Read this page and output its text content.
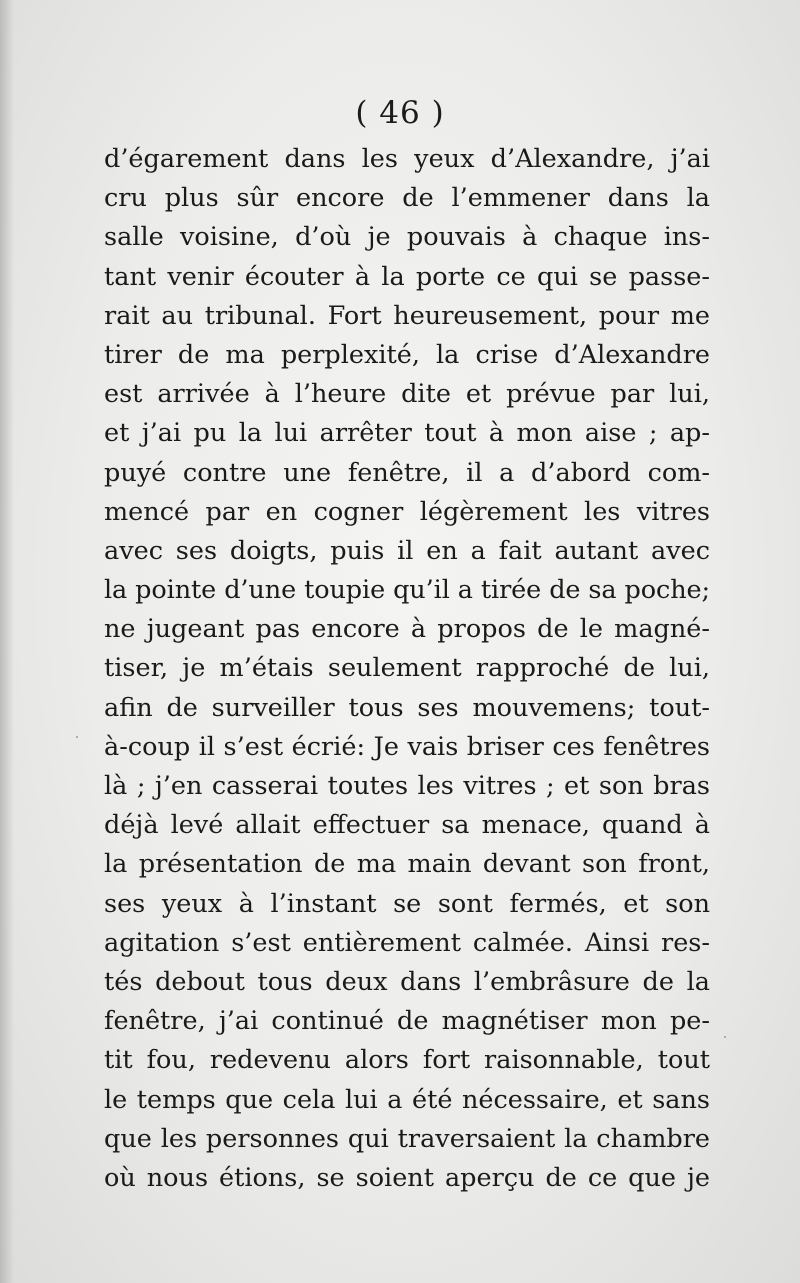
( 46 )
d’égarement dans les yeux d’Alexandre, j’ai
cru plus sûr encore de l’emmener dans la
salle voisine, d’où je pouvais à chaque ins-
tant venir écouter à la porte ce qui se passe-
rait au tribunal. Fort heureusement, pour me
tirer de ma perplexité, la crise d’Alexandre
est arrivée à l’heure dite et prévue par lui,
et j’ai pu la lui arrêter tout à mon aise ; ap-
puyé contre une fenêtre, il a d’abord com-
mencé par en cogner légèrement les vitres
avec ses doigts, puis il en a fait autant avec
la pointe d’une toupie qu’il a tirée de sa poche;
ne jugeant pas encore à propos de le magné-
tiser, je m’étais seulement rapproché de lui,
afin de surveiller tous ses mouvemens; tout-
à-coup il s’est écrié: Je vais briser ces fenêtres
là ; j’en casserai toutes les vitres ; et son bras
déjà levé allait effectuer sa menace, quand à
la présentation de ma main devant son front,
ses yeux à l’instant se sont fermés, et son
agitation s’est entièrement calmée. Ainsi res-
tés debout tous deux dans l’embrâsure de la
fenêtre, j’ai continué de magnétiser mon pe-
tit fou, redevenu alors fort raisonnable, tout
le temps que cela lui a été nécessaire, et sans
que les personnes qui traversaient la chambre
où nous étions, se soient aperçu de ce que je
